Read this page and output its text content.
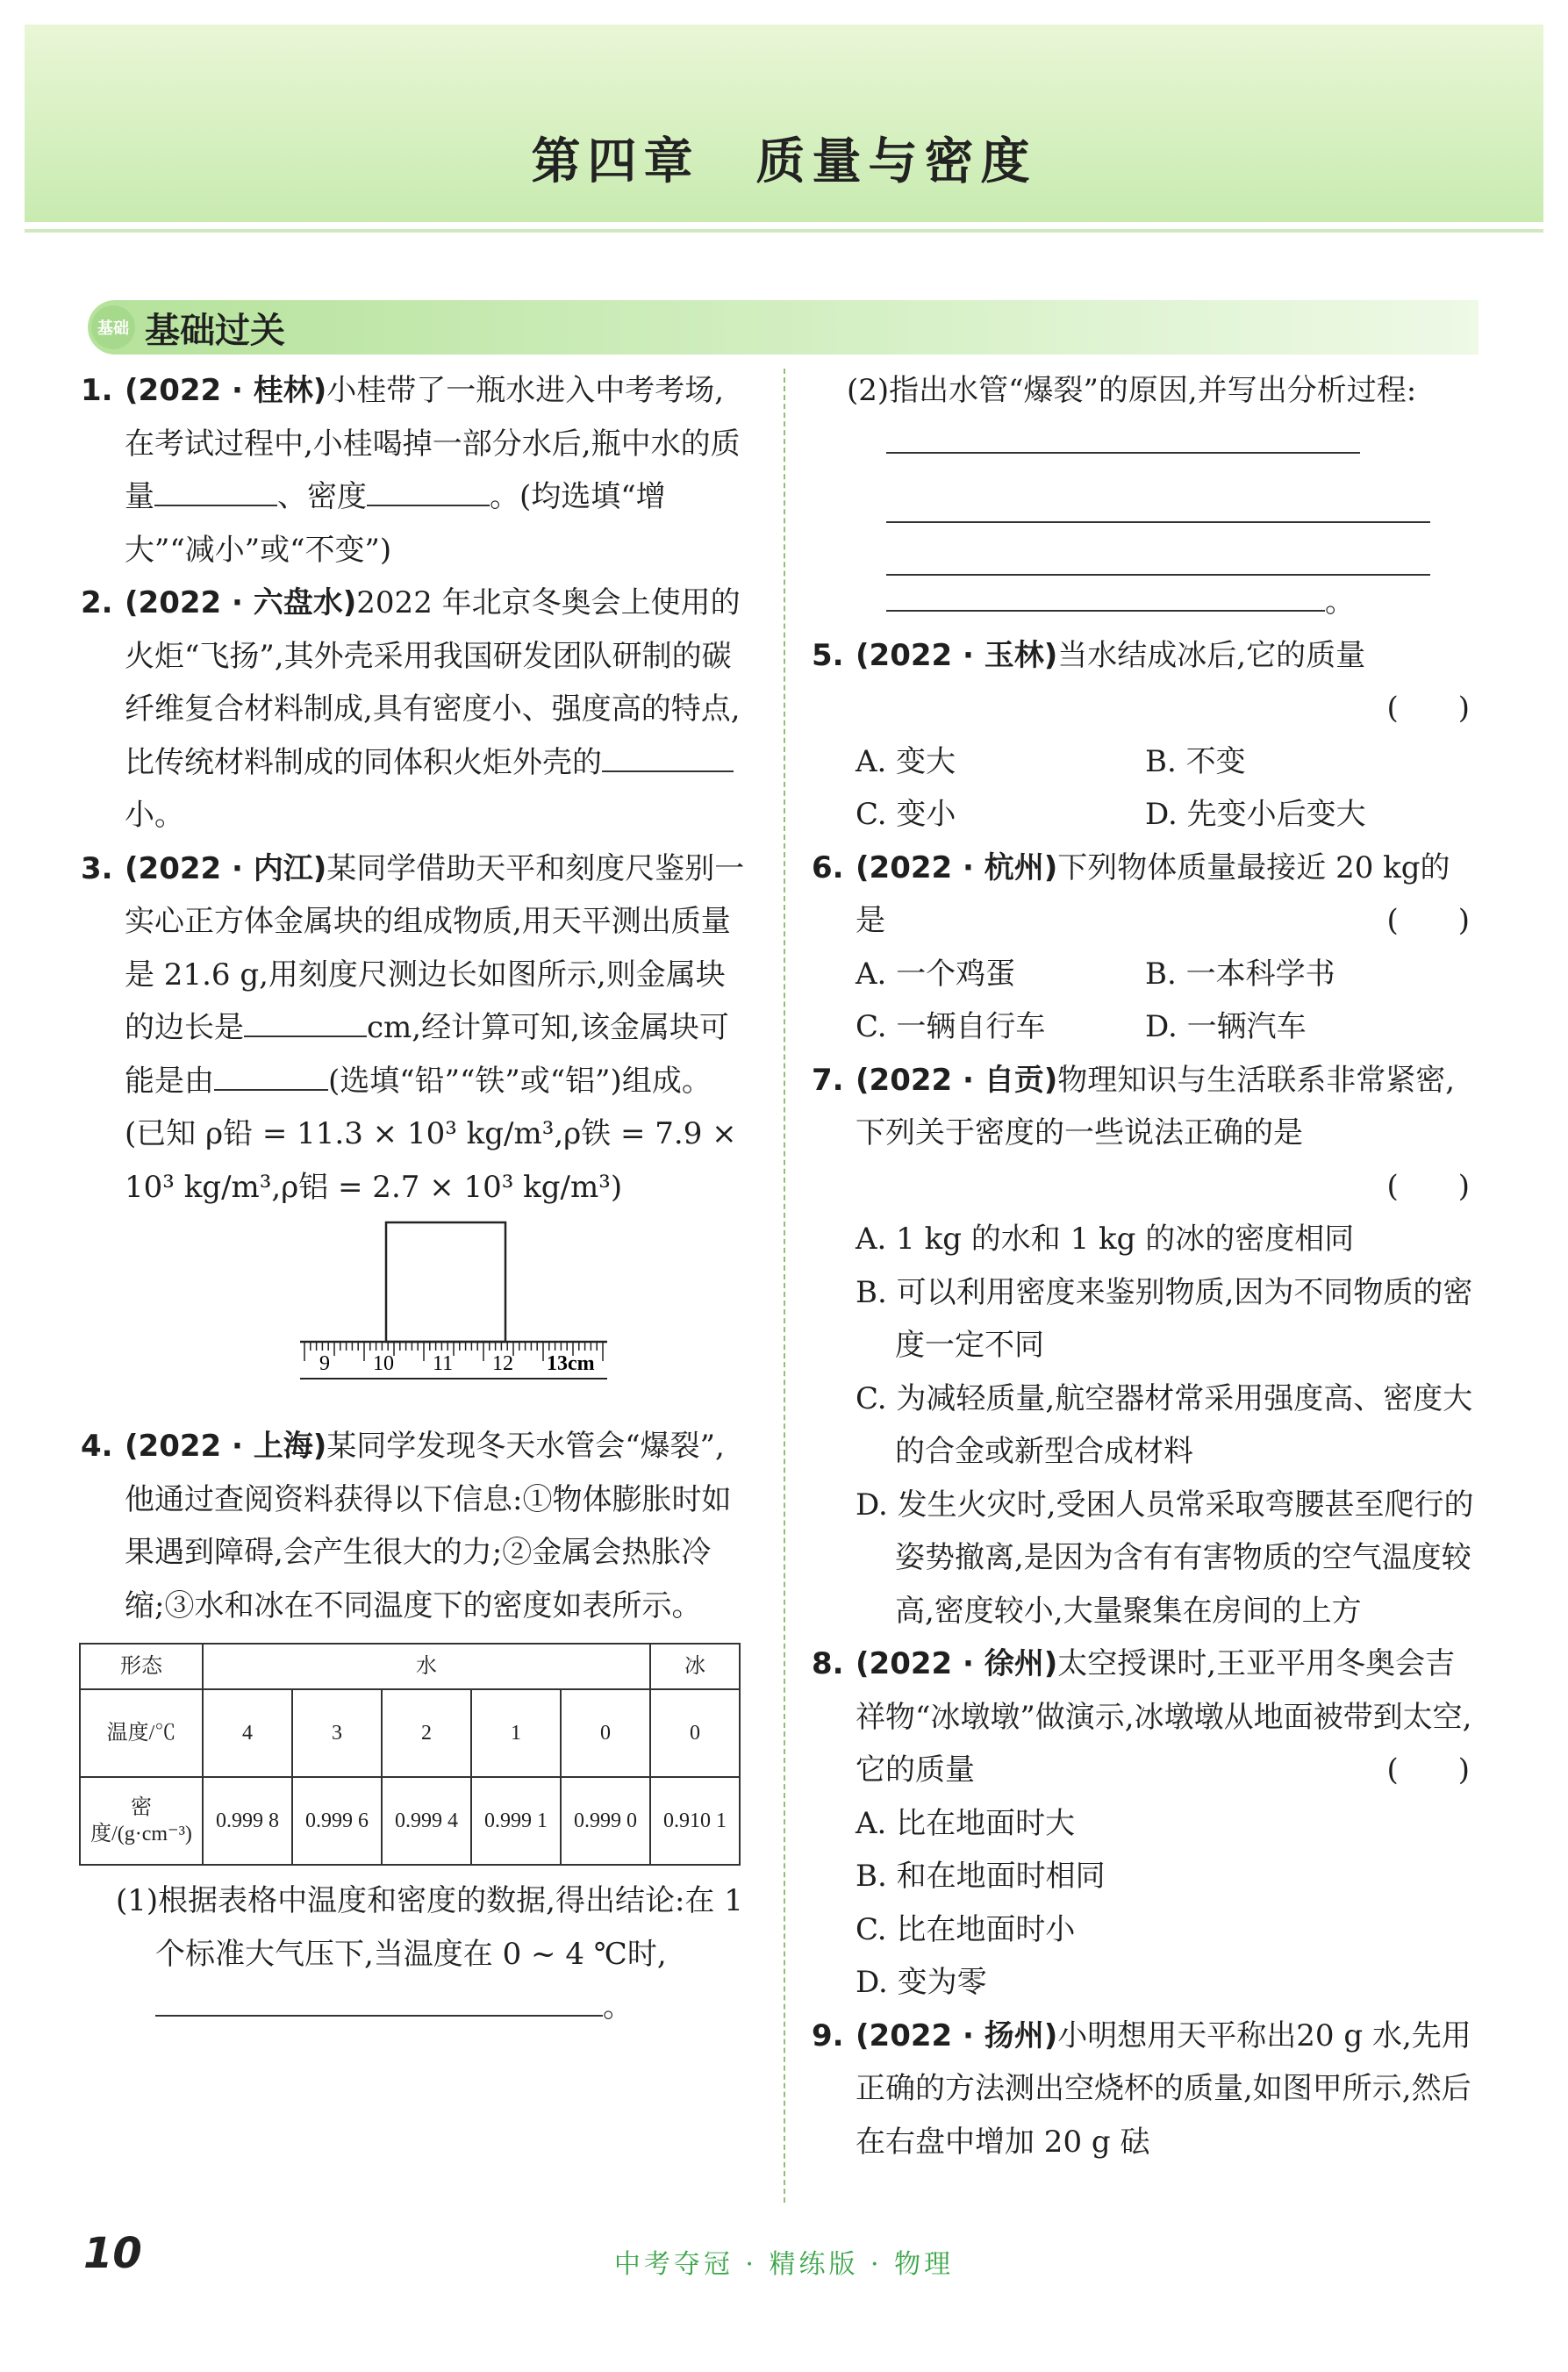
第四章　质量与密度
基础 基础过关
1. (2022 · 桂林)小桂带了一瓶水进入中考考场,在考试过程中,小桂喝掉一部分水后,瓶中水的质量	、密度	。(均选填“增大”“减小”或“不变”)
2. (2022 · 六盘水)2022 年北京冬奥会上使用的火炬“飞扬”,其外壳采用我国研发团队研制的碳纤维复合材料制成,具有密度小、强度高的特点,比传统材料制成的同体积火炬外壳的小。
3. (2022 · 内江)某同学借助天平和刻度尺鉴别一实心正方体金属块的组成物质,用天平测出质量是 21.6 g,用刻度尺测边长如图所示,则金属块的边长是	cm,经计算可知,该金属块可能是由	(选填“铅”“铁”或“铝”)组成。(已知 ρ铅 = 11.3 × 10³ kg/m³,ρ铁 = 7.9 × 10³ kg/m³,ρ铝 = 2.7 × 10³ kg/m³)
9 10 11 12 13cm
4. (2022 · 上海)某同学发现冬天水管会“爆裂”,他通过查阅资料获得以下信息:①物体膨胀时如果遇到障碍,会产生很大的力;②金属会热胀冷缩;③水和冰在不同温度下的密度如表所示。
形态	水					冰
温度/℃	4	3	2	1	0	0
密度/(g·cm⁻³)	0.999 8	0.999 6	0.999 4	0.999 1	0.999 0	0.910 1
(1)根据表格中温度和密度的数据,得出结论:在 1 个标准大气压下,当温度在 0 ~ 4 ℃时,。
(2)指出水管“爆裂”的原因,并写出分析过程:
。
5. (2022 · 玉林)当水结成冰后,它的质量
(　　)
A. 变大	B. 不变
C. 变小	D. 先变小后变大
6. (2022 · 杭州)下列物体质量最接近 20 kg的是	(　　)
A. 一个鸡蛋	B. 一本科学书
C. 一辆自行车	D. 一辆汽车
7. (2022 · 自贡)物理知识与生活联系非常紧密,下列关于密度的一些说法正确的是
(　　)
A. 1 kg 的水和 1 kg 的冰的密度相同
B. 可以利用密度来鉴别物质,因为不同物质的密度一定不同
C. 为减轻质量,航空器材常采用强度高、密度大的合金或新型合成材料
D. 发生火灾时,受困人员常采取弯腰甚至爬行的姿势撤离,是因为含有有害物质的空气温度较高,密度较小,大量聚集在房间的上方
8. (2022 · 徐州)太空授课时,王亚平用冬奥会吉祥物“冰墩墩”做演示,冰墩墩从地面被带到太空,它的质量	(　　)
A. 比在地面时大
B. 和在地面时相同
C. 比在地面时小
D. 变为零
9. (2022 · 扬州)小明想用天平称出20 g 水,先用正确的方法测出空烧杯的质量,如图甲所示,然后在右盘中增加 20 g 砝
10	中考夺冠 · 精练版 · 物理
